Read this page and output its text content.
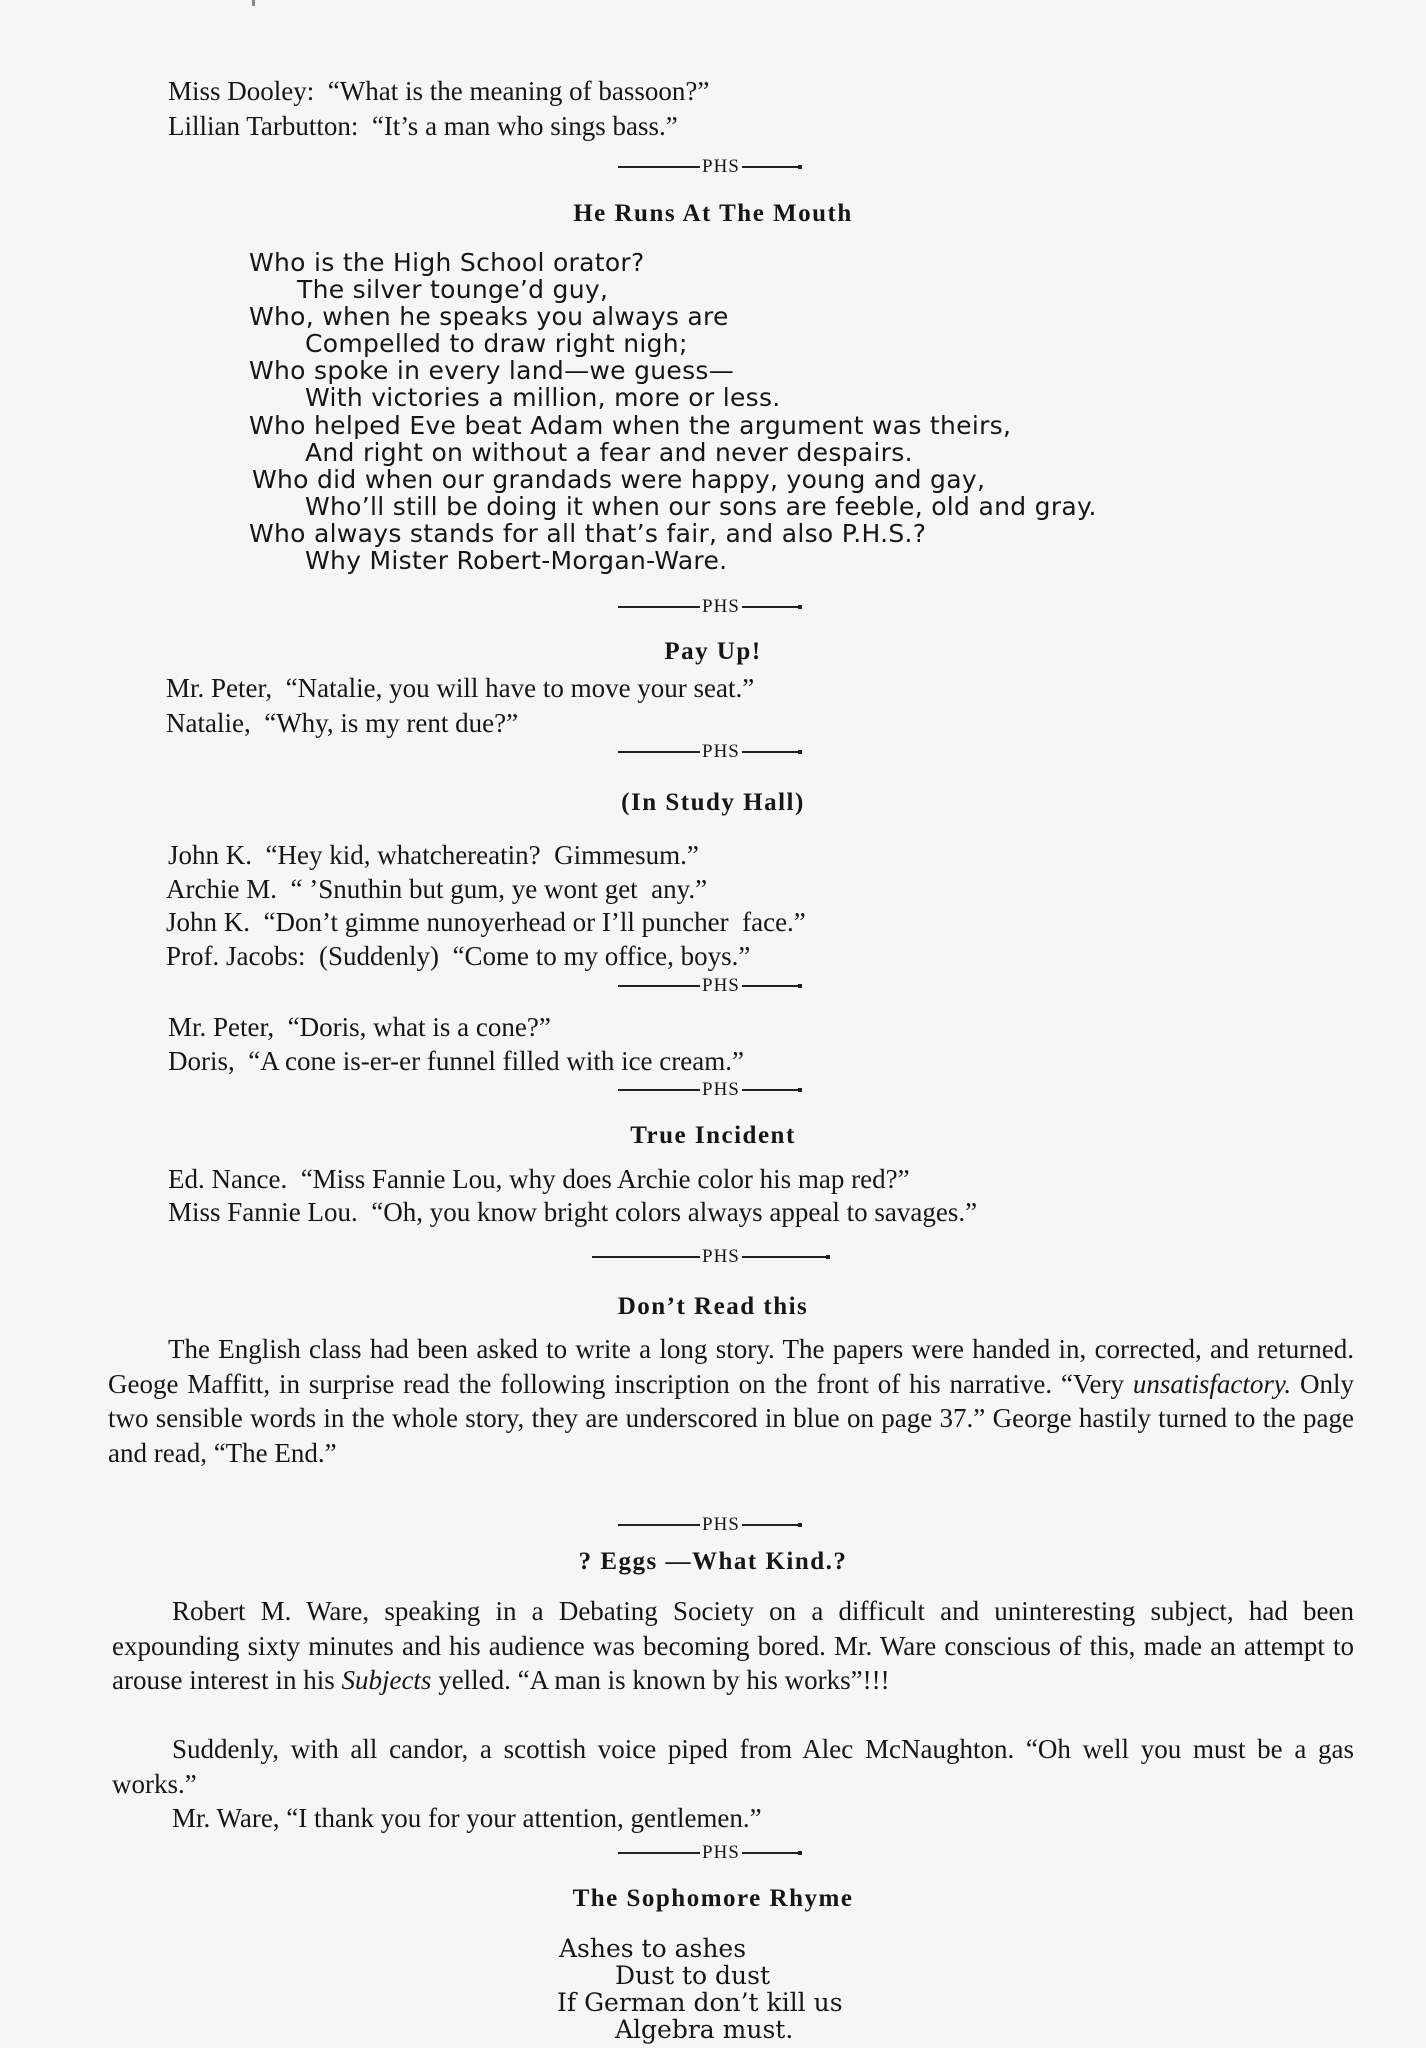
Miss Dooley:  “What is the meaning of bassoon?”
Lillian Tarbutton:  “It’s a man who sings bass.”
PHS
He Runs At The Mouth
Who is the High School orator?
The silver tounge’d guy,
Who, when he speaks you always are
Compelled to draw right nigh;
Who spoke in every land—we guess—
With victories a million, more or less.
Who helped Eve beat Adam when the argument was theirs,
And right on without a fear and never despairs.
Who did when our grandads were happy, young and gay,
Who’ll still be doing it when our sons are feeble, old and gray.
Who always stands for all that’s fair, and also P.H.S.?
Why Mister Robert-Morgan-Ware.
PHS
Pay Up!
Mr. Peter,  “Natalie, you will have to move your seat.”
Natalie,  “Why, is my rent due?”
PHS
(In Study Hall)
John K.  “Hey kid, whatchereatin?  Gimmesum.”
Archie M.  “ ’Snuthin but gum, ye wont get  any.”
John K.  “Don’t gimme nunoyerhead or I’ll puncher  face.”
Prof. Jacobs:  (Suddenly)  “Come to my office, boys.”
PHS
Mr. Peter,  “Doris, what is a cone?”
Doris,  “A cone is-er-er funnel filled with ice cream.”
PHS
True Incident
Ed. Nance.  “Miss Fannie Lou, why does Archie color his map red?”
Miss Fannie Lou.  “Oh, you know bright colors always appeal to savages.”
PHS
Don’t Read this
The English class had been asked to write a long story. The papers were handed in, corrected, and returned. Geoge Maffitt, in surprise read the following inscription on the front of his narrative. “Very unsatisfactory. Only two sensible words in the whole story, they are underscored in blue on page 37.” George hastily turned to the page and read, “The End.”
PHS
? Eggs —What Kind.?
Robert M. Ware, speaking in a Debating Society on a difficult and uninteresting subject, had been expounding sixty minutes and his audience was becoming bored. Mr. Ware conscious of this, made an attempt to arouse interest in his Subjects yelled. “A man is known by his works”!!!
Suddenly, with all candor, a scottish voice piped from Alec McNaughton. “Oh well you must be a gas works.”
Mr. Ware, “I thank you for your attention, gentlemen.”
PHS
The Sophomore Rhyme
Ashes to ashes
Dust to dust
If German don’t kill us
Algebra must.
